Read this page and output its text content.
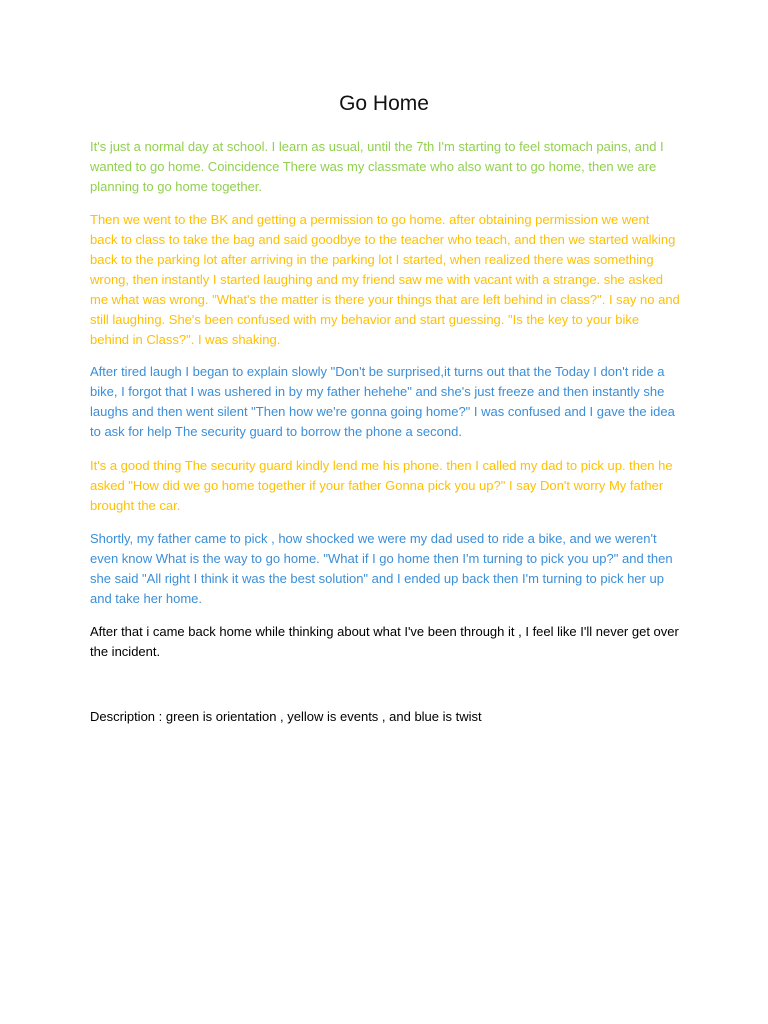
Go Home

It's just a normal day at school. I learn as usual, until the 7th I'm starting to feel stomach pains, and I wanted to go home. Coincidence There was my classmate who also want to go home, then we are planning to go home together.

Then we went to the BK and getting a permission to go home. after obtaining permission we went back to class to take the bag and said goodbye to the teacher who teach, and then we started walking back to the parking lot after arriving in the parking lot I started, when realized there was something wrong, then instantly I started laughing and my friend saw me with vacant with a strange. she asked me what was wrong. "What's the matter is there your things that are left behind in class?". I say no and still laughing. She's been confused with my behavior and start guessing. "Is the key to your bike behind in Class?". I was shaking.

After tired laugh I began to explain slowly "Don't be surprised,it turns out that the Today I don't ride a bike, I forgot that I was ushered in by my father hehehe" and she's just freeze and then instantly she laughs and then went silent "Then how we're gonna going home?" I was confused and I gave the idea to ask for help The security guard to borrow the phone a second.

It's a good thing The security guard kindly lend me his phone. then I called my dad to pick up. then he asked "How did we go home together if your father Gonna pick you up?" I say Don't worry My father brought the car.

Shortly, my father came to pick , how shocked we were my dad used to ride a bike, and we weren't even know What is the way to go home. "What if I go home then I'm turning to pick you up?" and then she said "All right I think it was the best solution" and I ended up back then I'm turning to pick her up and take her home.

After that i came back home while thinking about what I've been through it , I feel like I'll never get over the incident.

Description : green is orientation , yellow is events , and blue is twist
